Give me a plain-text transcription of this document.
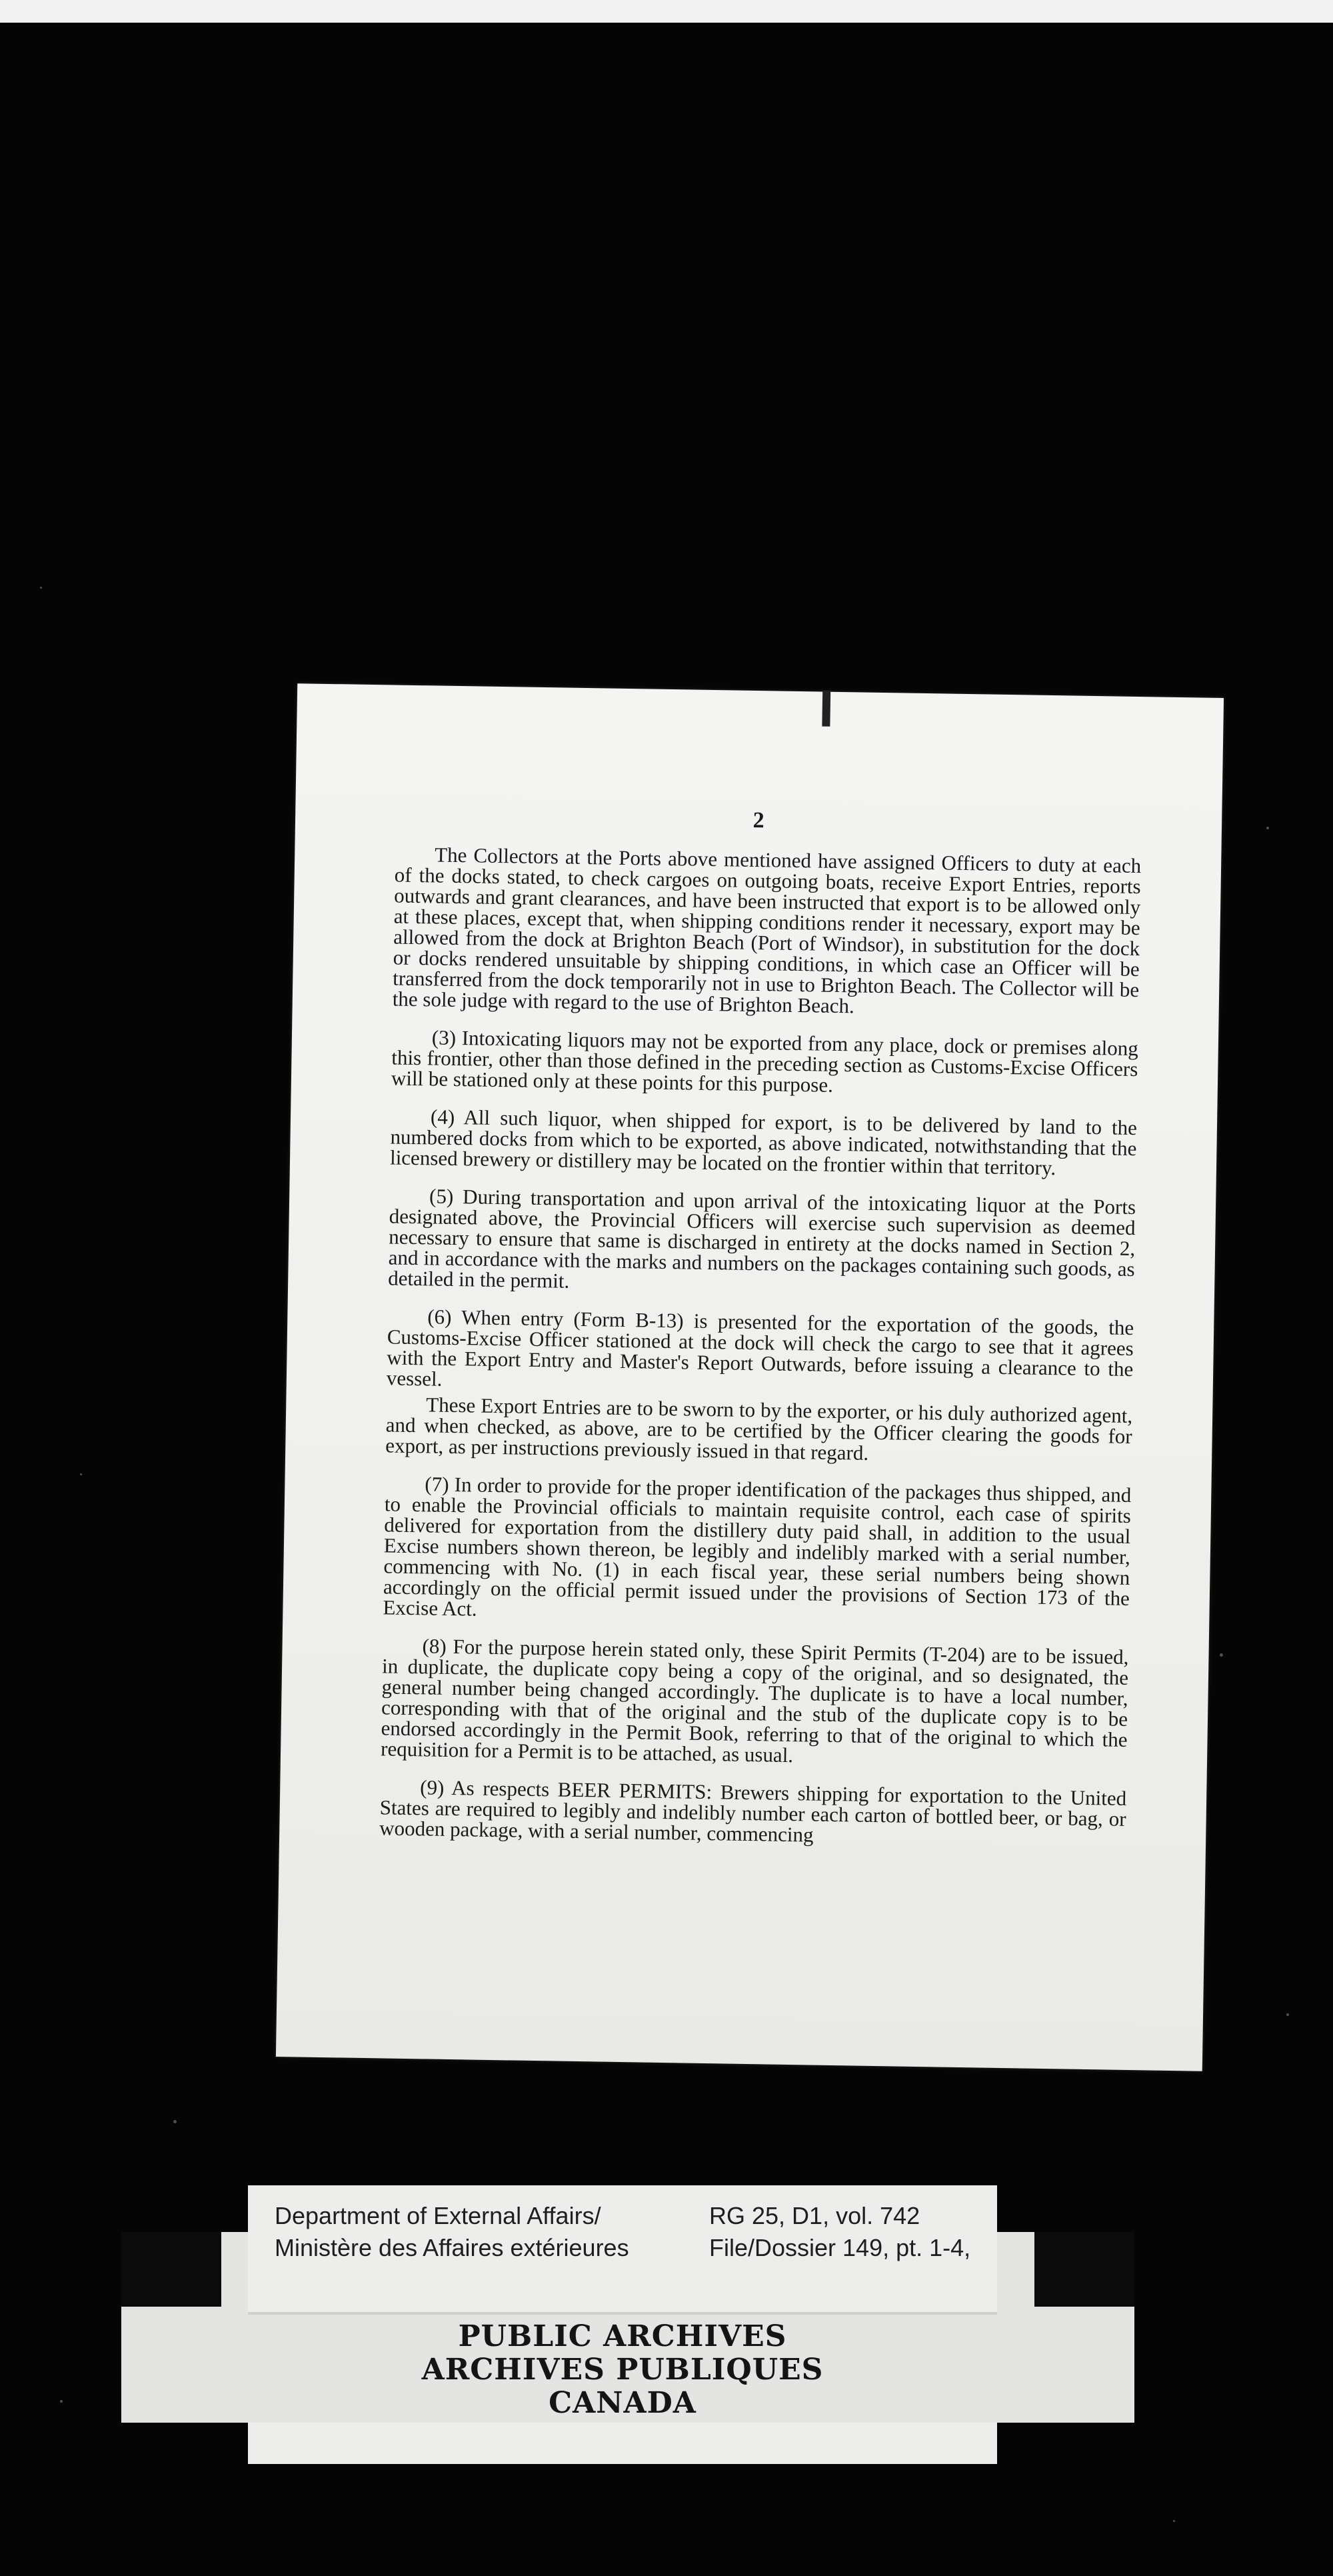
2

The Collectors at the Ports above mentioned have assigned Officers to duty at each of the docks stated, to check cargoes on outgoing boats, receive Export Entries, reports outwards and grant clearances, and have been instructed that export is to be allowed only at these places, except that, when shipping conditions render it necessary, export may be allowed from the dock at Brighton Beach (Port of Windsor), in substitution for the dock or docks rendered unsuitable by shipping conditions, in which case an Officer will be transferred from the dock temporarily not in use to Brighton Beach. The Collector will be the sole judge with regard to the use of Brighton Beach.

(3) Intoxicating liquors may not be exported from any place, dock or premises along this frontier, other than those defined in the preceding section as Customs-Excise Officers will be stationed only at these points for this purpose.

(4) All such liquor, when shipped for export, is to be delivered by land to the numbered docks from which to be exported, as above indicated, notwithstanding that the licensed brewery or distillery may be located on the frontier within that territory.

(5) During transportation and upon arrival of the intoxicating liquor at the Ports designated above, the Provincial Officers will exercise such supervision as deemed necessary to ensure that same is discharged in entirety at the docks named in Section 2, and in accordance with the marks and numbers on the packages containing such goods, as detailed in the permit.

(6) When entry (Form B-13) is presented for the exportation of the goods, the Customs-Excise Officer stationed at the dock will check the cargo to see that it agrees with the Export Entry and Master's Report Outwards, before issuing a clearance to the vessel.

These Export Entries are to be sworn to by the exporter, or his duly authorized agent, and when checked, as above, are to be certified by the Officer clearing the goods for export, as per instructions previously issued in that regard.

(7) In order to provide for the proper identification of the packages thus shipped, and to enable the Provincial officials to maintain requisite control, each case of spirits delivered for exportation from the distillery duty paid shall, in addition to the usual Excise numbers shown thereon, be legibly and indelibly marked with a serial number, commencing with No. (1) in each fiscal year, these serial numbers being shown accordingly on the official permit issued under the provisions of Section 173 of the Excise Act.

(8) For the purpose herein stated only, these Spirit Permits (T-204) are to be issued, in duplicate, the duplicate copy being a copy of the original, and so designated, the general number being changed accordingly. The duplicate is to have a local number, corresponding with that of the original and the stub of the duplicate copy is to be endorsed accordingly in the Permit Book, referring to that of the original to which the requisition for a Permit is to be attached, as usual.

(9) As respects BEER PERMITS: Brewers shipping for exportation to the United States are required to legibly and indelibly number each carton of bottled beer, or bag, or wooden package, with a serial number, commencing

Department of External Affairs/
Ministère des Affaires extérieures
RG 25, D1, vol. 742
File/Dossier 149, pt. 1-4,
PUBLIC ARCHIVES
ARCHIVES PUBLIQUES
CANADA
